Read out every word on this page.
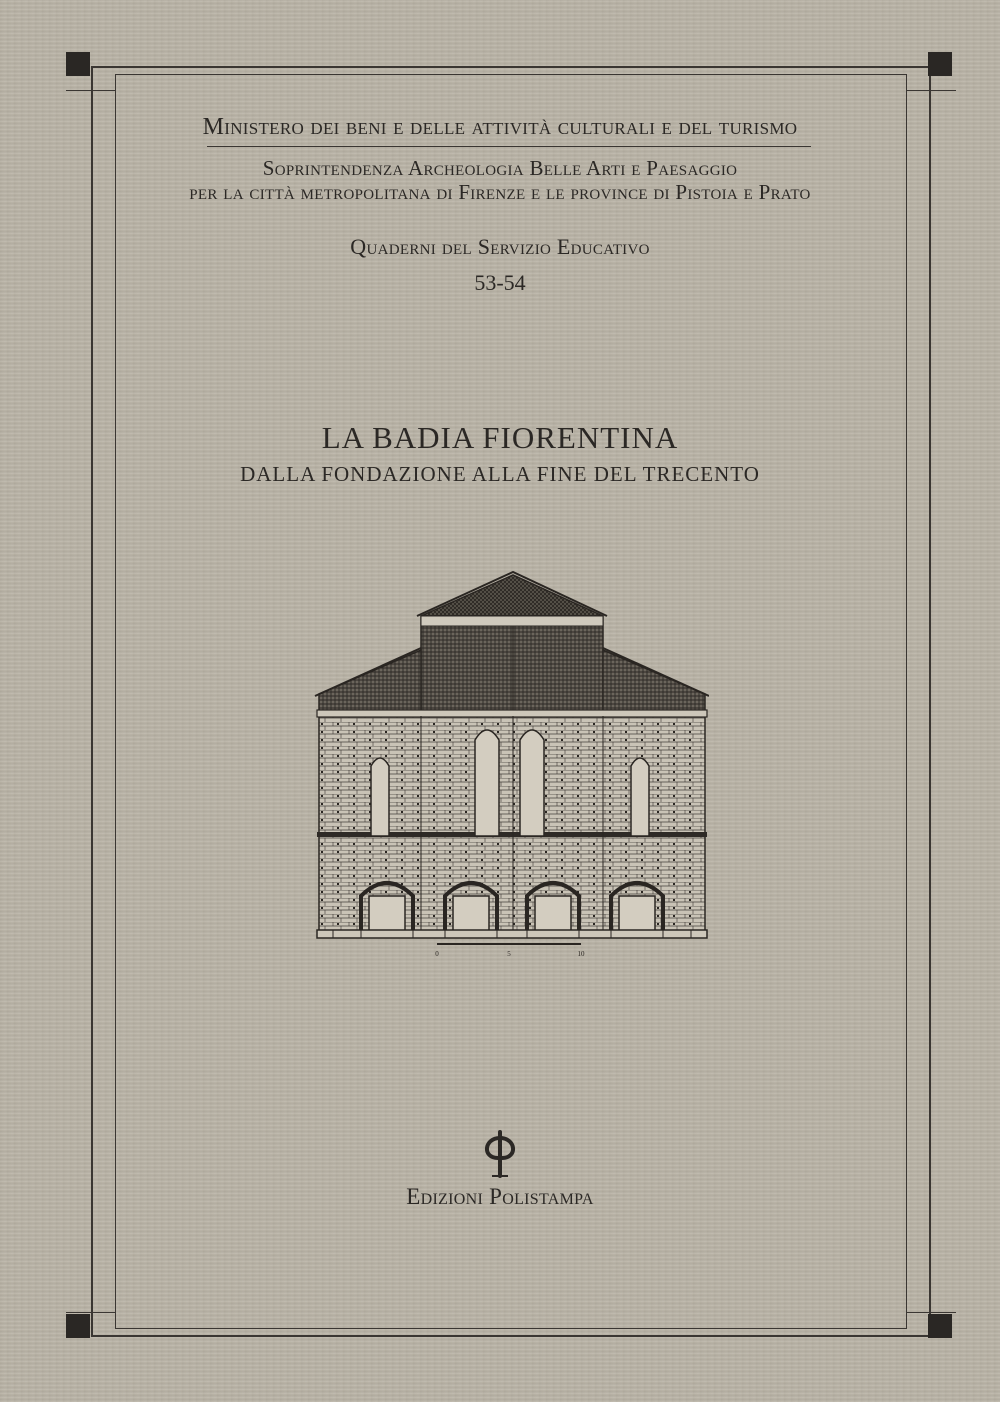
Ministero dei beni e delle attività culturali e del turismo
Soprintendenza Archeologia Belle Arti e Paesaggio
per la città metropolitana di Firenze e le province di Pistoia e Prato
Quaderni del Servizio Educativo
53-54
LA BADIA FIORENTINA
DALLA FONDAZIONE ALLA FINE DEL TRECENTO
0	5	10
Edizioni Polistampa
